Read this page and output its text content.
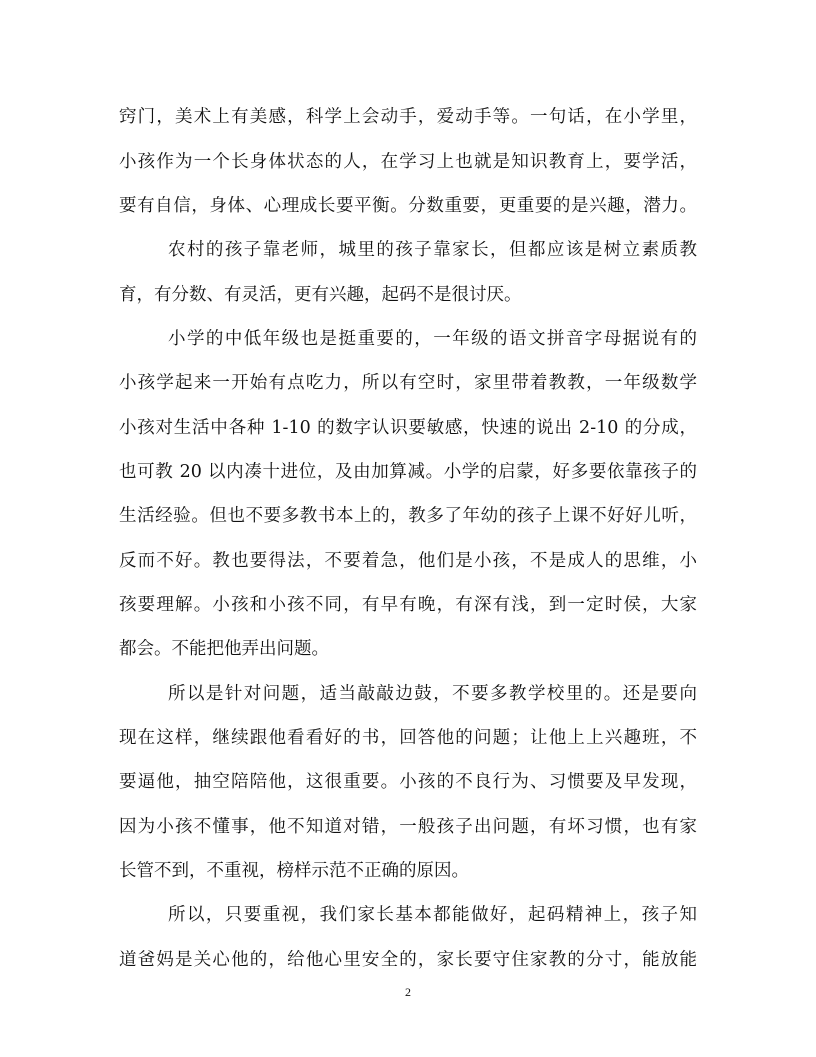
窍门，美术上有美感，科学上会动手，爱动手等。一句话，在小学里，
小孩作为一个长身体状态的人，在学习上也就是知识教育上，要学活，
要有自信，身体、心理成长要平衡。分数重要，更重要的是兴趣，潜力。
农村的孩子靠老师，城里的孩子靠家长，但都应该是树立素质教
育，有分数、有灵活，更有兴趣，起码不是很讨厌。
小学的中低年级也是挺重要的，一年级的语文拼音字母据说有的
小孩学起来一开始有点吃力，所以有空时，家里带着教教，一年级数学
小孩对生活中各种 1-10 的数字认识要敏感，快速的说出 2-10 的分成，
也可教 20 以内凑十进位，及由加算减。小学的启蒙，好多要依靠孩子的
生活经验。但也不要多教书本上的，教多了年幼的孩子上课不好好儿听，
反而不好。教也要得法，不要着急，他们是小孩，不是成人的思维，小
孩要理解。小孩和小孩不同，有早有晚，有深有浅，到一定时侯，大家
都会。不能把他弄出问题。
所以是针对问题，适当敲敲边鼓，不要多教学校里的。还是要向
现在这样，继续跟他看看好的书，回答他的问题；让他上上兴趣班，不
要逼他，抽空陪陪他，这很重要。小孩的不良行为、习惯要及早发现，
因为小孩不懂事，他不知道对错，一般孩子出问题，有坏习惯，也有家
长管不到，不重视，榜样示范不正确的原因。
所以，只要重视，我们家长基本都能做好，起码精神上，孩子知
道爸妈是关心他的，给他心里安全的，家长要守住家教的分寸，能放能
2
